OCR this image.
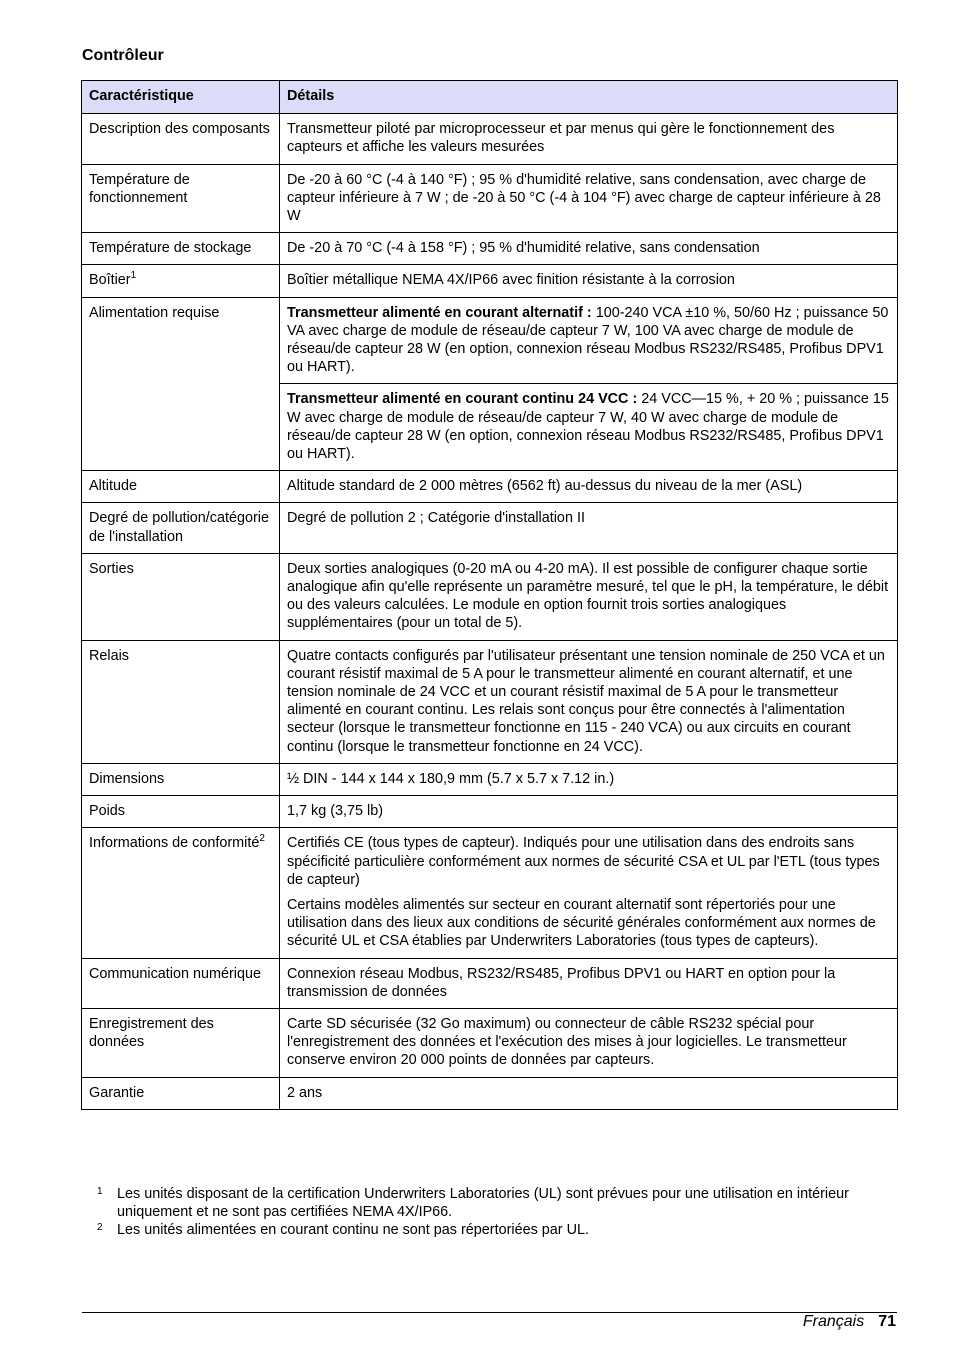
Contrôleur
Caractéristique	Détails
Description des composants	Transmetteur piloté par microprocesseur et par menus qui gère le fonctionnement des capteurs et affiche les valeurs mesurées

Température de fonctionnement	De -20 à 60 °C (-4 à 140 °F) ; 95 % d'humidité relative, sans condensation, avec charge de capteur inférieure à 7 W ; de -20 à 50 °C (-4 à 104 °F) avec charge de capteur inférieure à 28 W

Température de stockage	De -20 à 70 °C (-4 à 158 °F) ; 95 % d'humidité relative, sans condensation

Boîtier$^1$	Boîtier métallique NEMA 4X/IP66 avec finition résistante à la corrosion

Alimentation requise	Transmetteur alimenté en courant alternatif : 100-240 VCA ±10 %, 50/60 Hz ; puissance 50 VA avec charge de module de réseau/de capteur 7 W, 100 VA avec charge de module de réseau/de capteur 28 W (en option, connexion réseau Modbus RS232/RS485, Profibus DPV1 ou HART).
	Transmetteur alimenté en courant continu 24 VCC : 24 VCC—15 %, + 20 % ; puissance 15 W avec charge de module de réseau/de capteur 7 W, 40 W avec charge de module de réseau/de capteur 28 W (en option, connexion réseau Modbus RS232/RS485, Profibus DPV1 ou HART).
Altitude	Altitude standard de 2 000 mètres (6562 ft) au-dessus du niveau de la mer (ASL)

Degré de pollution/catégorie de l'installation	Degré de pollution 2 ; Catégorie d'installation II

Sorties	Deux sorties analogiques (0-20 mA ou 4-20 mA). Il est possible de configurer chaque sortie analogique afin qu'elle représente un paramètre mesuré, tel que le pH, la température, le débit ou des valeurs calculées. Le module en option fournit trois sorties analogiques supplémentaires (pour un total de 5).

Relais	Quatre contacts configurés par l'utilisateur présentant une tension nominale de 250 VCA et un courant résistif maximal de 5 A pour le transmetteur alimenté en courant alternatif, et une tension nominale de 24 VCC et un courant résistif maximal de 5 A pour le transmetteur alimenté en courant continu. Les relais sont conçus pour être connectés à l'alimentation secteur (lorsque le transmetteur fonctionne en 115 - 240 VCA) ou aux circuits en courant continu (lorsque le transmetteur fonctionne en 24 VCC).

Dimensions	½ DIN - 144 x 144 x 180,9 mm (5.7 x 5.7 x 7.12 in.)

Poids	1,7 kg (3,75 lb)

Informations de conformité$^2$	Certifiés CE (tous types de capteur). Indiqués pour une utilisation dans des endroits sans spécificité particulière conformément aux normes de sécurité CSA et UL par l'ETL (tous types de capteur)

Certains modèles alimentés sur secteur en courant alternatif sont répertoriés pour une utilisation dans des lieux aux conditions de sécurité générales conformément aux normes de sécurité UL et CSA établies par Underwriters Laboratories (tous types de capteurs).

Communication numérique	Connexion réseau Modbus, RS232/RS485, Profibus DPV1 ou HART en option pour la transmission de données

Enregistrement des données	Carte SD sécurisée (32 Go maximum) ou connecteur de câble RS232 spécial pour l'enregistrement des données et l'exécution des mises à jour logicielles. Le transmetteur conserve environ 20 000 points de données par capteurs.

Garantie	2 ans

1	Les unités disposant de la certification Underwriters Laboratories (UL) sont prévues pour une utilisation en intérieur uniquement et ne sont pas certifiées NEMA 4X/IP66.
2	Les unités alimentées en courant continu ne sont pas répertoriées par UL.
Français 71
